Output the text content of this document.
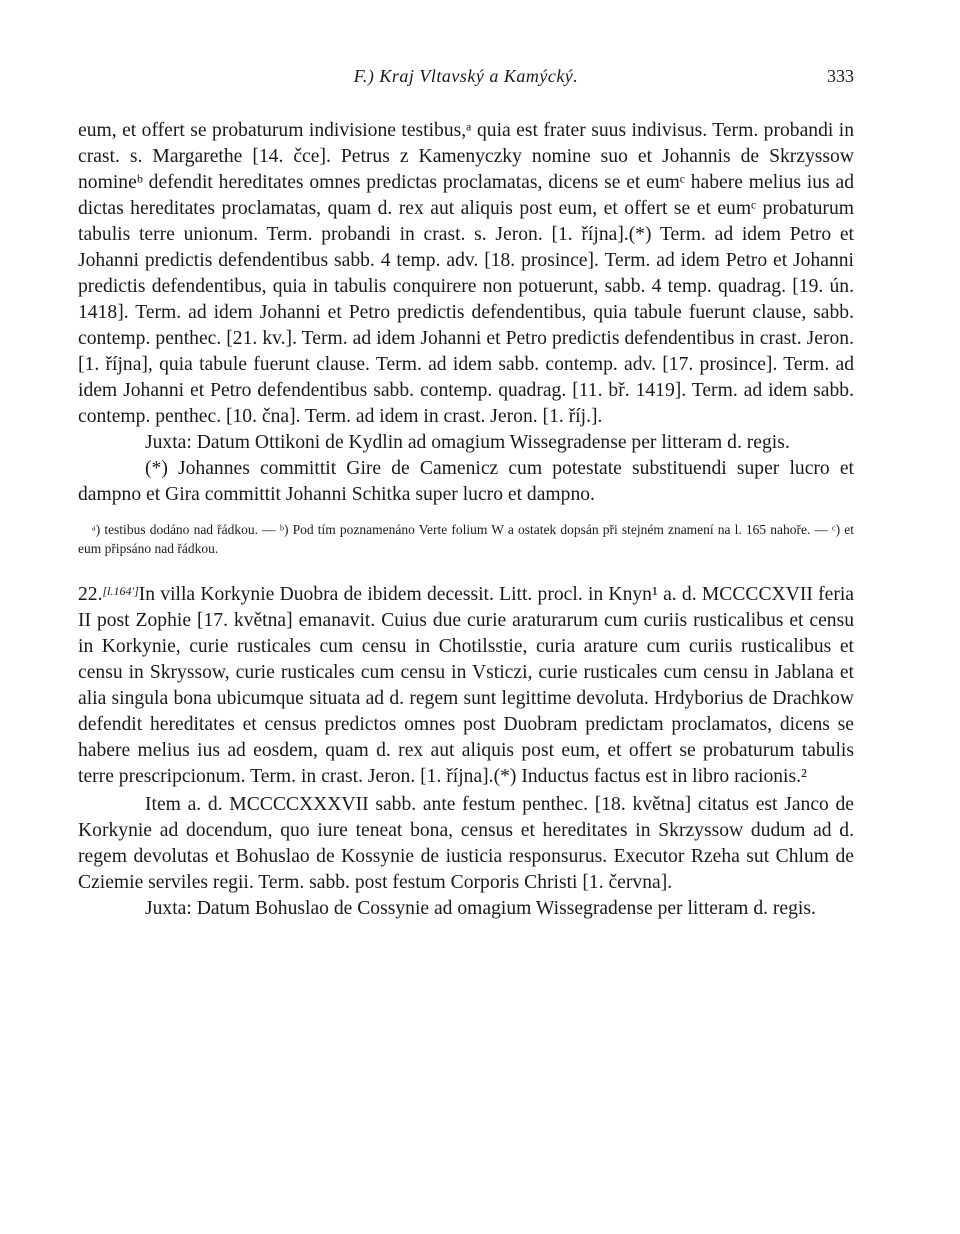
F.) Kraj Vltavský a Kamýcký.	333

eum, et offert se probaturum indivisione testibus,ᵃ quia est frater suus indivisus. Term. probandi in crast. s. Margarethe [14. čce]. Petrus z Kamenyczky nomine suo et Johannis de Skrzyssow nomineᵇ defendit hereditates omnes predictas proclamatas, dicens se et eumᶜ habere melius ius ad dictas hereditates proclamatas, quam d. rex aut aliquis post eum, et offert se et eumᶜ probaturum tabulis terre unionum. Term. probandi in crast. s. Jeron. [1. října].(*) Term. ad idem Petro et Johanni predictis defendentibus sabb. 4 temp. adv. [18. prosince]. Term. ad idem Petro et Johanni predictis defendentibus, quia in tabulis conquirere non potuerunt, sabb. 4 temp. quadrag. [19. ún. 1418]. Term. ad idem Johanni et Petro predictis defendentibus, quia tabule fuerunt clause, sabb. contemp. penthec. [21. kv.]. Term. ad idem Johanni et Petro predictis defendentibus in crast. Jeron. [1. října], quia tabule fuerunt clause. Term. ad idem sabb. contemp. adv. [17. prosince]. Term. ad idem Johanni et Petro defendentibus sabb. contemp. quadrag. [11. bř. 1419]. Term. ad idem sabb. contemp. penthec. [10. čna]. Term. ad idem in crast. Jeron. [1. říj.].

Juxta: Datum Ottikoni de Kydlin ad omagium Wissegradense per litteram d. regis.

(*) Johannes committit Gire de Camenicz cum potestate substituendi super lucro et dampno et Gira committit Johanni Schitka super lucro et dampno.

ᵃ) testibus dodáno nad řádkou. — ᵇ) Pod tím poznamenáno Verte folium W a ostatek dopsán při stejném znamení na l. 165 nahoře. — ᶜ) et eum připsáno nad řádkou.

22.[l.164']In villa Korkynie Duobra de ibidem decessit. Litt. procl. in Knyn¹ a. d. MCCCCXVII feria II post Zophie [17. května] emanavit. Cuius due curie araturarum cum curiis rusticalibus et censu in Korkynie, curie rusticales cum censu in Chotilsstie, curia arature cum curiis rusticalibus et censu in Skryssow, curie rusticales cum censu in Vsticzi, curie rusticales cum censu in Jablana et alia singula bona ubicumque situata ad d. regem sunt legittime devoluta. Hrdyborius de Drachkow defendit hereditates et census predictos omnes post Duobram predictam proclamatos, dicens se habere melius ius ad eosdem, quam d. rex aut aliquis post eum, et offert se probaturum tabulis terre prescripcionum. Term. in crast. Jeron. [1. října].(*) Inductus factus est in libro racionis.²

Item a. d. MCCCCXXXVII sabb. ante festum penthec. [18. května] citatus est Janco de Korkynie ad docendum, quo iure teneat bona, census et hereditates in Skrzyssow dudum ad d. regem devolutas et Bohuslao de Kossynie de iusticia responsurus. Executor Rzeha sut Chlum de Cziemie serviles regii. Term. sabb. post festum Corporis Christi [1. června].

Juxta: Datum Bohuslao de Cossynie ad omagium Wissegradense per litteram d. regis.
